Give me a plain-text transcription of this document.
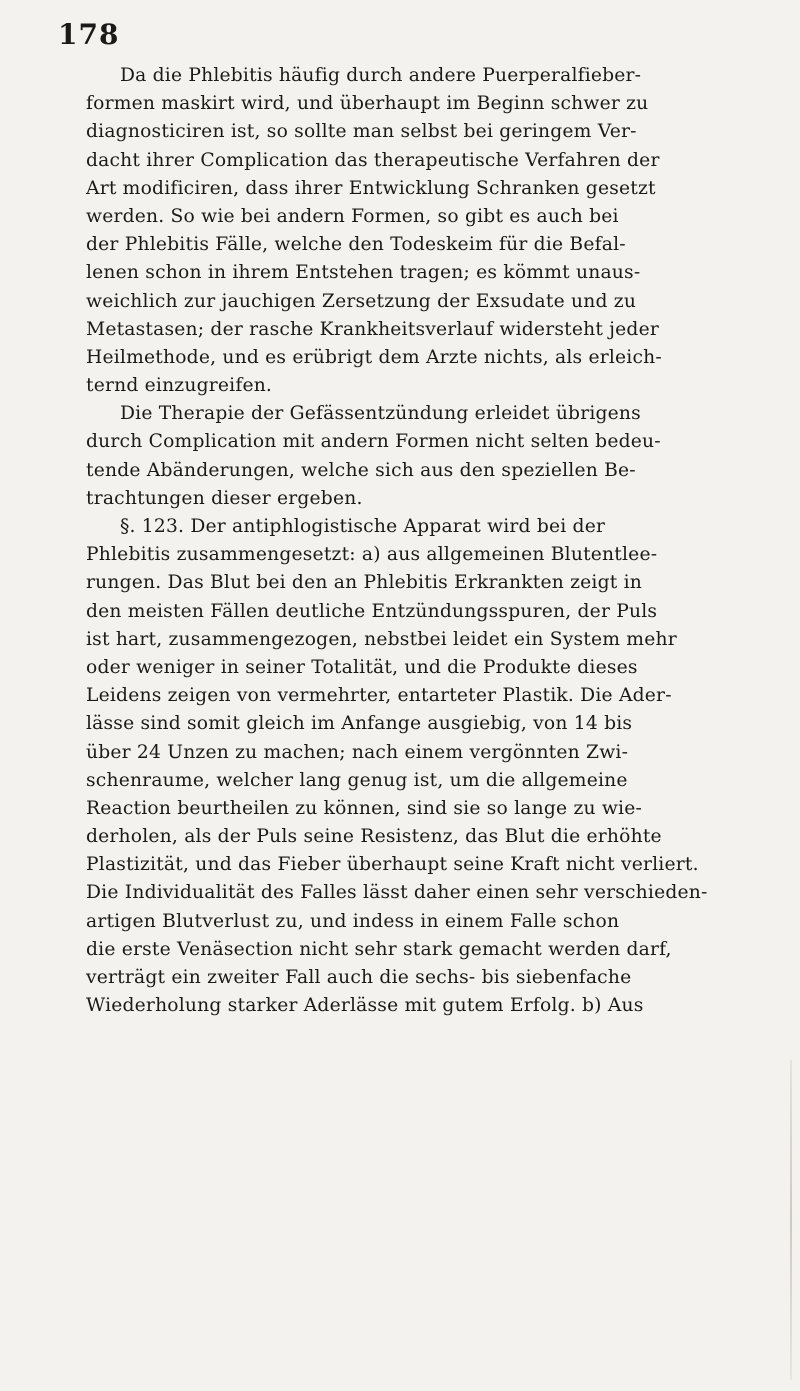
178
Da die Phlebitis häufig durch andere Puerperalfieber-
formen maskirt wird, und überhaupt im Beginn schwer zu
diagnosticiren ist, so sollte man selbst bei geringem Ver-
dacht ihrer Complication das therapeutische Verfahren der
Art modificiren, dass ihrer Entwicklung Schranken gesetzt
werden. So wie bei andern Formen, so gibt es auch bei
der Phlebitis Fälle, welche den Todeskeim für die Befal-
lenen schon in ihrem Entstehen tragen; es kömmt unaus-
weichlich zur jauchigen Zersetzung der Exsudate und zu
Metastasen; der rasche Krankheitsverlauf widersteht jeder
Heilmethode, und es erübrigt dem Arzte nichts, als erleich-
ternd einzugreifen.
Die Therapie der Gefässentzündung erleidet übrigens
durch Complication mit andern Formen nicht selten bedeu-
tende Abänderungen, welche sich aus den speziellen Be-
trachtungen dieser ergeben.
§. 123. Der antiphlogistische Apparat wird bei der
Phlebitis zusammengesetzt: a) aus allgemeinen Blutentlee-
rungen. Das Blut bei den an Phlebitis Erkrankten zeigt in
den meisten Fällen deutliche Entzündungsspuren, der Puls
ist hart, zusammengezogen, nebstbei leidet ein System mehr
oder weniger in seiner Totalität, und die Produkte dieses
Leidens zeigen von vermehrter, entarteter Plastik. Die Ader-
lässe sind somit gleich im Anfange ausgiebig, von 14 bis
über 24 Unzen zu machen; nach einem vergönnten Zwi-
schenraume, welcher lang genug ist, um die allgemeine
Reaction beurtheilen zu können, sind sie so lange zu wie-
derholen, als der Puls seine Resistenz, das Blut die erhöhte
Plastizität, und das Fieber überhaupt seine Kraft nicht verliert.
Die Individualität des Falles lässt daher einen sehr verschieden-
artigen Blutverlust zu, und indess in einem Falle schon
die erste Venäsection nicht sehr stark gemacht werden darf,
verträgt ein zweiter Fall auch die sechs- bis siebenfache
Wiederholung starker Aderlässe mit gutem Erfolg. b) Aus
